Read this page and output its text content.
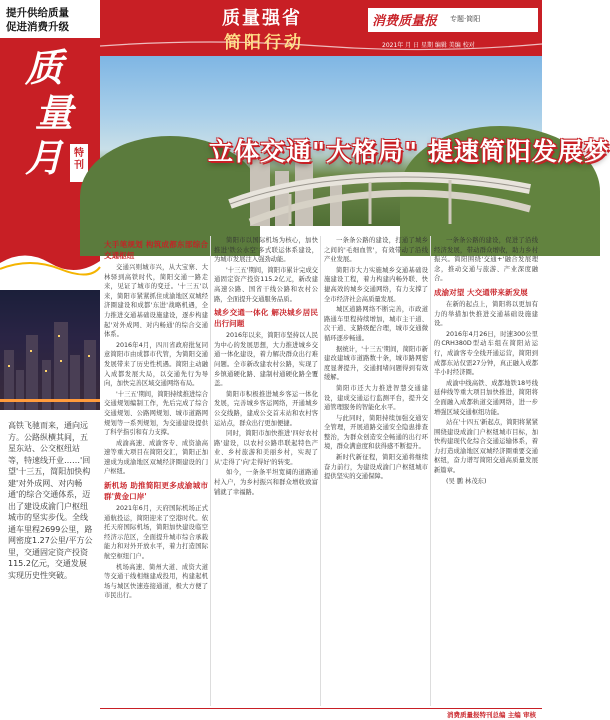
提升供给质量
促进消费升级
质
量
月	特刊
高铁飞驰而来，通向远方。公路纵横其间，五星东站、公交枢纽站等，特速线开业……'回望'十三五，简阳加快构建'对外成网、对内畅通'的综合交通体系，迈出了建设成渝门户枢纽城市的坚实步伐。全线通车里程2699公里，路网密度1.27公里/平方公里，交通固定资产投资115.2亿元，交通发展实现历史性突破。
质量强省
简阳行动
消费质量报 专题·简阳
2021年 月 日 星期 编辑 美编 校对
立体交通"大格局" 提速简阳发展梦
大手笔规划 构筑成都东部综合交通枢纽

交通兴则城市兴，从大宝寨、大林驿到高铁时代，简阳交通一路走来，见证了城市的变迁。'十三五'以来，简阳市紧紧抓住成渝地区双城经济圈建设和成都'东进'战略机遇，全力推进交通基础设施建设，逐步构建起'对外成网、对内畅通'的综合交通体系。

2016年4月，四川省政府批复同意简阳市由成都市代管，为简阳交通发展带来了历史性机遇。简阳主动融入成都发展大局，以交通先行为导向，加快完善区域交通网络布局。

'十三五'期间，简阳持续推进综合交通规划编制工作，先后完成了综合交通规划、公路网规划、城市道路网规划等一系列规划，为交通建设提供了科学指引和有力支撑。

成渝高速、成渝客专、成资渝高速等重大项目在简阳交汇，简阳正加速成为成渝地区双城经济圈建设的门户枢纽。

新机场 助推简阳更多成渝城市群'黄金口岸'

2021年6月，天府国际机场正式通航投运，简阳迎来了空港时代。依托天府国际机场，简阳加快建设临空经济示范区，全面提升城市综合承载能力和对外开放水平，着力打造国际航空枢纽门户。

机场高速、简州大道、成资大道等交通干线相继建成投用，构建起机场与城区快速连接通道，极大方便了市民出行。

简阳市以国际机场为核心，加快推进'铁公水空'多式联运体系建设，为城市发展注入强劲动能。

'十三五'期间，简阳市累计完成交通固定资产投资115.2亿元，新改建高速公路、国省干线公路和农村公路，全面提升交通服务品质。

城乡交通一体化 解决城乡居民出行问题

2016年以来，简阳市坚持以人民为中心的发展思想，大力推进城乡交通一体化建设，着力解决群众出行难问题。全市新改建农村公路，实现了乡镇通硬化路、建制村通硬化路全覆盖。

简阳市积极推进城乡客运一体化发展，完善城乡客运网络，开通城乡公交线路，建成公交首末站和农村客运站点，群众出行更加便捷。

同时，简阳市加快推进'四好农村路'建设，以农村公路串联起特色产业、乡村旅游和美丽乡村，实现了从'走得了'向'走得好'的转变。

如今，一条条平坦宽阔的道路通村入户，为乡村振兴和群众增收致富铺就了幸福路。

一条条公路的建设，打通了城乡之间的'毛细血管'，有效带动了沿线产业发展。

简阳市大力实施城乡交通基础设施建设工程，着力构建内畅外联、快捷高效的城乡交通网络，有力支撑了全市经济社会高质量发展。

城区道路网络不断完善，市政道路通车里程持续增加，城市主干道、次干道、支路级配合理，城市交通微循环逐步畅通。

据统计，'十三五'期间，简阳市新建改建城市道路数十条，城市路网密度显著提升，交通拥堵问题得到有效缓解。

简阳市还大力推进智慧交通建设，建成交通运行监测平台，提升交通管理服务的智能化水平。

与此同时，简阳持续加强交通安全管理，开展道路交通安全隐患排查整治，为群众创造安全畅通的出行环境，群众满意度和获得感不断提升。

新时代新征程，简阳交通将继续奋力前行，为建设成渝门户枢纽城市提供坚实的交通保障。

一条条公路的建设，促进了沿线经济发展，带动群众增收，助力乡村振兴。简阳围绕'交通+'融合发展理念，推动交通与旅游、产业深度融合。

成渝对望 大交通带来新发展

在新的起点上，简阳将以更加有力的举措加快推进交通基础设施建设。

2016年4月26日，时速300公里的CRH380D型动车组在简阳站运行，成渝客专全线开通运营，简阳到成都东站仅需27分钟，真正融入成都半小时经济圈。

成渝中线高铁、成都地铁18号线延伸线等重大项目加快推进，简阳将全面融入成都轨道交通网络，进一步增强区域交通枢纽功能。

站在'十四五'新起点，简阳将紧紧围绕建设成渝门户枢纽城市目标，加快构建现代化综合交通运输体系，着力打造成渝地区双城经济圈重要交通枢纽，奋力谱写简阳交通高质量发展新篇章。

(吴 鹏 林茂东)

消费质量报特刊总编 主编 审核
